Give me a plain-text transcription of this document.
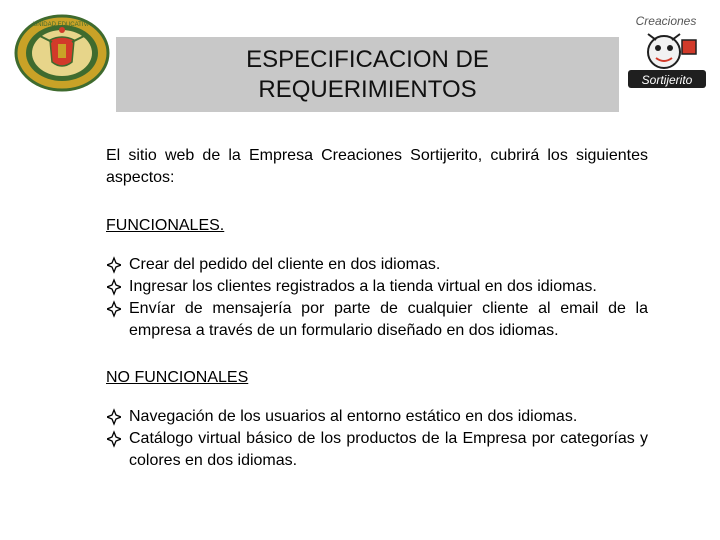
UNIDAD EDUCATIVA
ESPECIFICACION DE
REQUERIMIENTOS
Creaciones
Sortijerito

El sitio web de la Empresa Creaciones Sortijerito, cubrirá los siguientes aspectos:

FUNCIONALES.

Crear del pedido del cliente en dos idiomas.
Ingresar los clientes registrados a la tienda virtual en dos idiomas.
Envíar de mensajería por parte de cualquier cliente al email de la empresa a través de un formulario diseñado en dos idiomas.

NO FUNCIONALES

Navegación de los usuarios al entorno estático en dos idiomas.
Catálogo virtual básico de los productos de la Empresa por categorías y colores en dos idiomas.
